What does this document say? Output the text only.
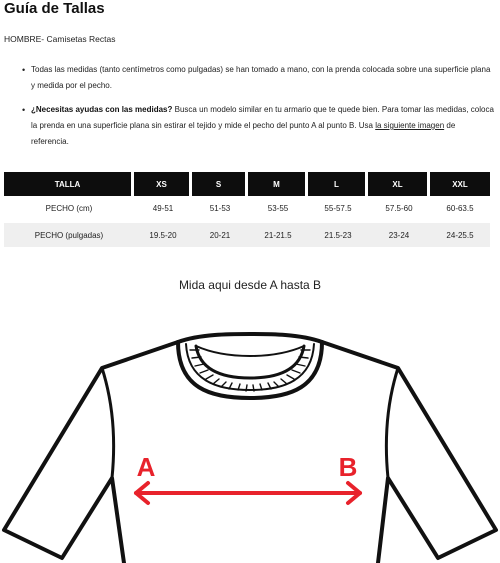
Guía de Tallas
HOMBRE- Camisetas Rectas
• Todas las medidas (tanto centímetros como pulgadas) se han tomado a mano, con la prenda colocada sobre una superficie plana y medida por el pecho.
• ¿Necesitas ayudas con las medidas? Busca un modelo similar en tu armario que te quede bien. Para tomar las medidas, coloca la prenda en una superficie plana sin estirar el tejido y mide el pecho del punto A al punto B. Usa la siguiente imagen de referencia.
TALLA	XS	S	M	L	XL	XXL
PECHO (cm)	49-51	51-53	53-55	55-57.5	57.5-60	60-63.5

PECHO (pulgadas)	19.5-20	20-21	21-21.5	21.5-23	23-24	24-25.5
Mida aqui desde A hasta B
A	B
